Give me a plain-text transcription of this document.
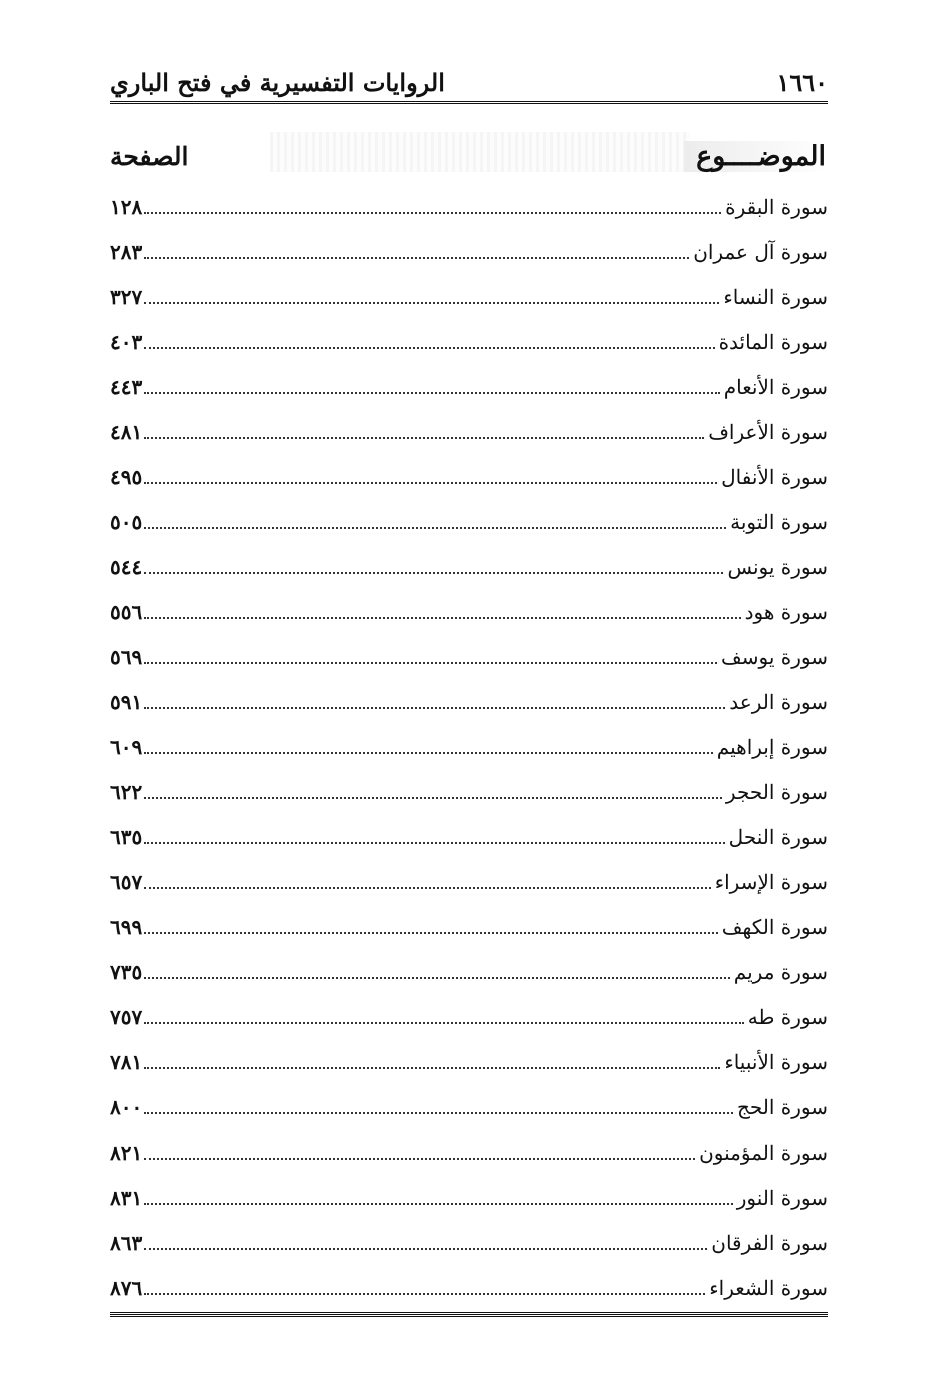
الروايات التفسيرية في فتح الباري	١٦٦٠
الموضــــوع
الصفحة
سورة البقرة
١٢٨
سورة آل عمران
٢٨٣
سورة النساء
٣٢٧
سورة المائدة
٤٠٣
سورة الأنعام
٤٤٣
سورة الأعراف
٤٨١
سورة الأنفال
٤٩٥
سورة التوبة
٥٠٥
سورة يونس
٥٤٤
سورة هود
٥٥٦
سورة يوسف
٥٦٩
سورة الرعد
٥٩١
سورة إبراهيم
٦٠٩
سورة الحجر
٦٢٢
سورة النحل
٦٣٥
سورة الإسراء
٦٥٧
سورة الكهف
٦٩٩
سورة مريم
٧٣٥
سورة طه
٧٥٧
سورة الأنبياء
٧٨١
سورة الحج
٨٠٠
سورة المؤمنون
٨٢١
سورة النور
٨٣١
سورة الفرقان
٨٦٣
سورة الشعراء
٨٧٦
